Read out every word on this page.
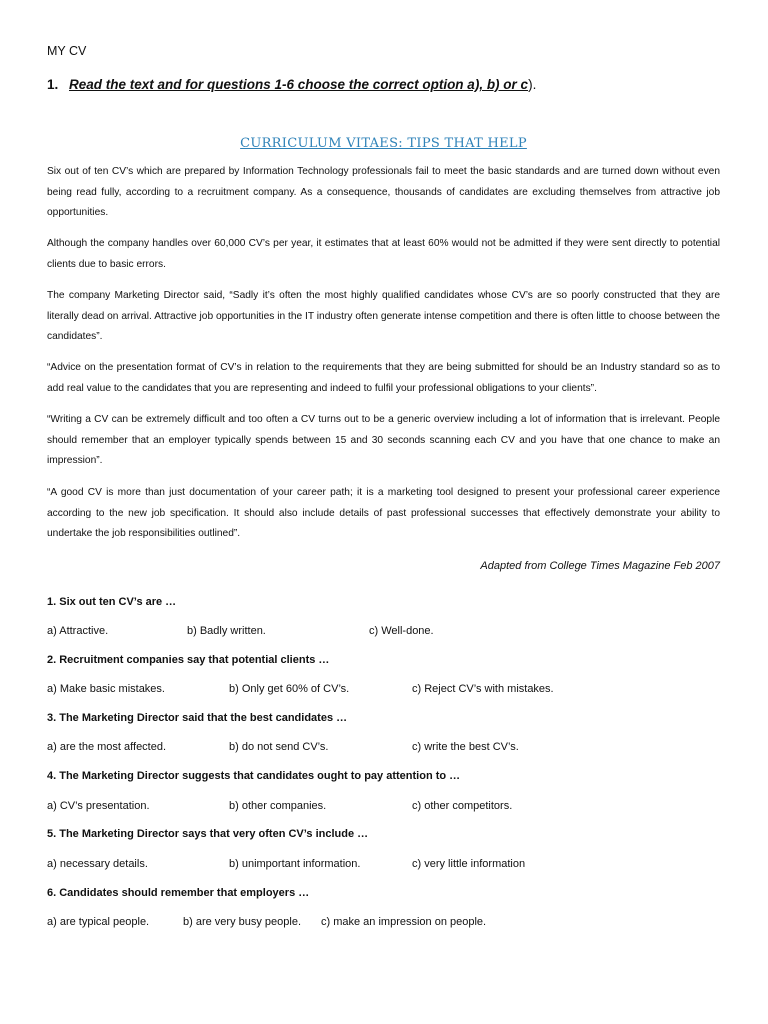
MY CV
1. Read the text and for questions 1-6 choose the correct option a), b) or c).
CURRICULUM VITAES: TIPS THAT HELP

Six out of ten CV’s which are prepared by Information Technology professionals fail to meet the basic standards and are turned down without even being read fully, according to a recruitment company. As a consequence, thousands of candidates are excluding themselves from attractive job opportunities.

Although the company handles over 60,000 CV’s per year, it estimates that at least 60% would not be admitted if they were sent directly to potential clients due to basic errors.

The company Marketing Director said, “Sadly it’s often the most highly qualified candidates whose CV’s are so poorly constructed that they are literally dead on arrival. Attractive job opportunities in the IT industry often generate intense competition and there is often little to choose between the candidates”.

“Advice on the presentation format of CV’s in relation to the requirements that they are being submitted for should be an Industry standard so as to add real value to the candidates that you are representing and indeed to fulfil your professional obligations to your clients”.

“Writing a CV can be extremely difficult and too often a CV turns out to be a generic overview including a lot of information that is irrelevant. People should remember that an employer typically spends between 15 and 30 seconds scanning each CV and you have that one chance to make an impression”.

“A good CV is more than just documentation of your career path; it is a marketing tool designed to present your professional career experience according to the new job specification. It should also include details of past professional successes that effectively demonstrate your ability to undertake the job responsibilities outlined”.

Adapted from College Times Magazine Feb 2007
1. Six out ten CV’s are …
a) Attractive.	b) Badly written.	c) Well-done.
2. Recruitment companies say that potential clients …
a) Make basic mistakes.	b) Only get 60% of CV’s.	c) Reject CV’s with mistakes.
3. The Marketing Director said that the best candidates …
a) are the most affected.	b) do not send CV’s.	c) write the best CV’s.
4. The Marketing Director suggests that candidates ought to pay attention to …
a) CV’s presentation.	b) other companies.	c) other competitors.
5. The Marketing Director says that very often CV’s include …
a) necessary details.	b) unimportant information.	c) very little information
6. Candidates should remember that employers …
a) are typical people.	b) are very busy people. c) make an impression on people.
